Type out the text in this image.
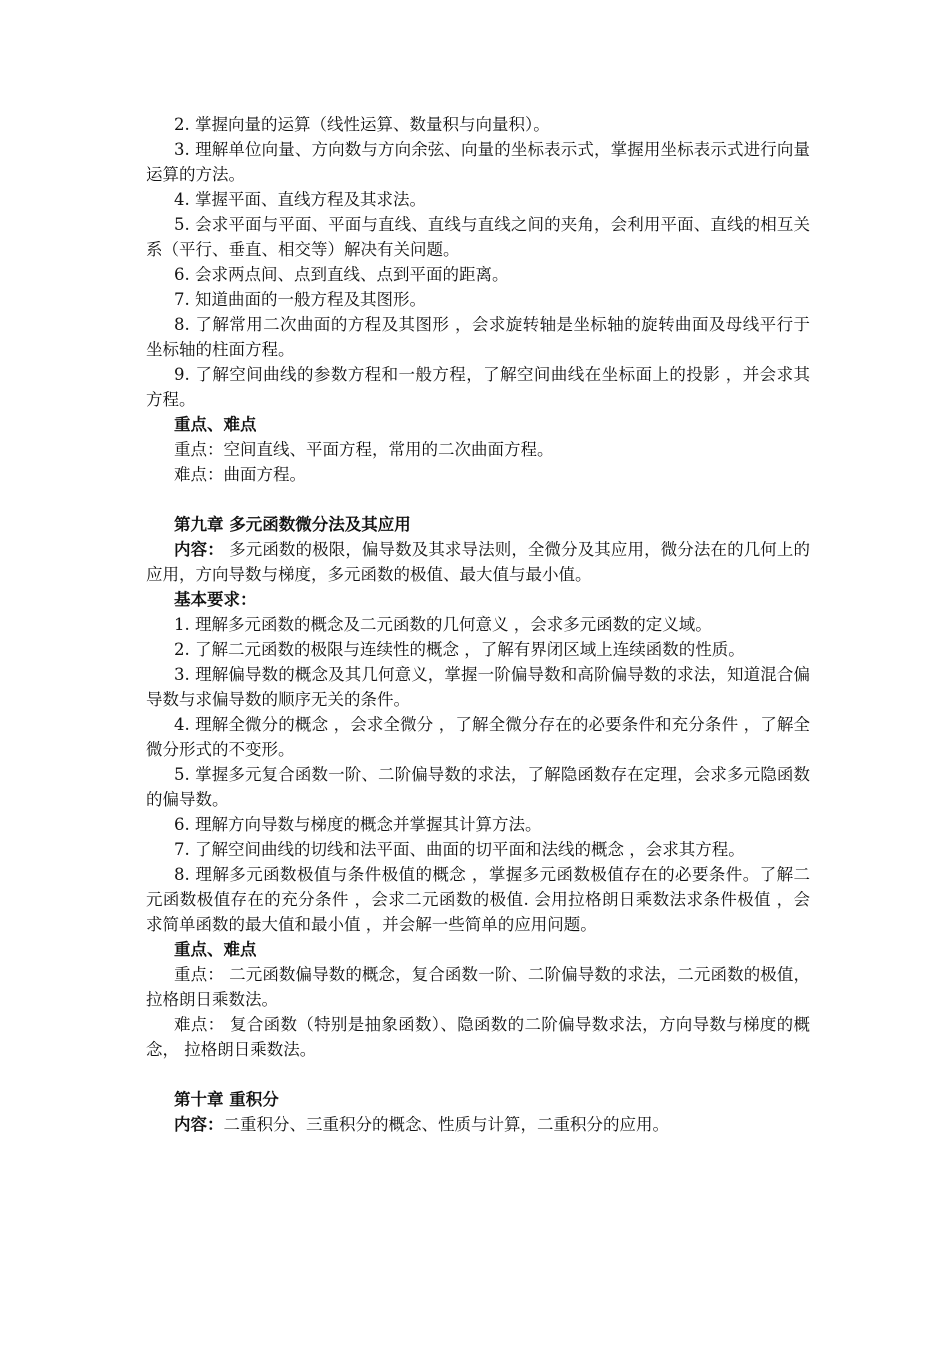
2. 掌握向量的运算（线性运算、数量积与向量积）。
3. 理解单位向量、方向数与方向余弦、向量的坐标表示式，掌握用坐标表示式进行向量运算的方法。
4. 掌握平面、直线方程及其求法。
5. 会求平面与平面、平面与直线、直线与直线之间的夹角，会利用平面、直线的相互关系（平行、垂直、相交等）解决有关问题。
6. 会求两点间、点到直线、点到平面的距离。
7. 知道曲面的一般方程及其图形。
8. 了解常用二次曲面的方程及其图形 ，会求旋转轴是坐标轴的旋转曲面及母线平行于坐标轴的柱面方程。
9. 了解空间曲线的参数方程和一般方程，了解空间曲线在坐标面上的投影 ，并会求其方程。
重点、难点
重点：空间直线、平面方程，常用的二次曲面方程。
难点：曲面方程。
第九章 多元函数微分法及其应用
内容： 多元函数的极限，偏导数及其求导法则，全微分及其应用，微分法在的几何上的应用，方向导数与梯度，多元函数的极值、最大值与最小值。
基本要求：
1. 理解多元函数的概念及二元函数的几何意义 ，会求多元函数的定义域。
2. 了解二元函数的极限与连续性的概念 ，了解有界闭区域上连续函数的性质。
3. 理解偏导数的概念及其几何意义，掌握一阶偏导数和高阶偏导数的求法，知道混合偏导数与求偏导数的顺序无关的条件。
4. 理解全微分的概念 ，会求全微分 ，了解全微分存在的必要条件和充分条件 ，了解全微分形式的不变形。
5. 掌握多元复合函数一阶、二阶偏导数的求法，了解隐函数存在定理，会求多元隐函数的偏导数。
6. 理解方向导数与梯度的概念并掌握其计算方法。
7. 了解空间曲线的切线和法平面、曲面的切平面和法线的概念 ，会求其方程。
8. 理解多元函数极值与条件极值的概念 ，掌握多元函数极值存在的必要条件。了解二元函数极值存在的充分条件 ，会求二元函数的极值. 会用拉格朗日乘数法求条件极值 ，会求简单函数的最大值和最小值 ，并会解一些简单的应用问题。
重点、难点
重点： 二元函数偏导数的概念，复合函数一阶、二阶偏导数的求法，二元函数的极值，拉格朗日乘数法。
难点： 复合函数（特别是抽象函数）、隐函数的二阶偏导数求法，方向导数与梯度的概念， 拉格朗日乘数法。
第十章 重积分
内容：二重积分、三重积分的概念、性质与计算，二重积分的应用。
